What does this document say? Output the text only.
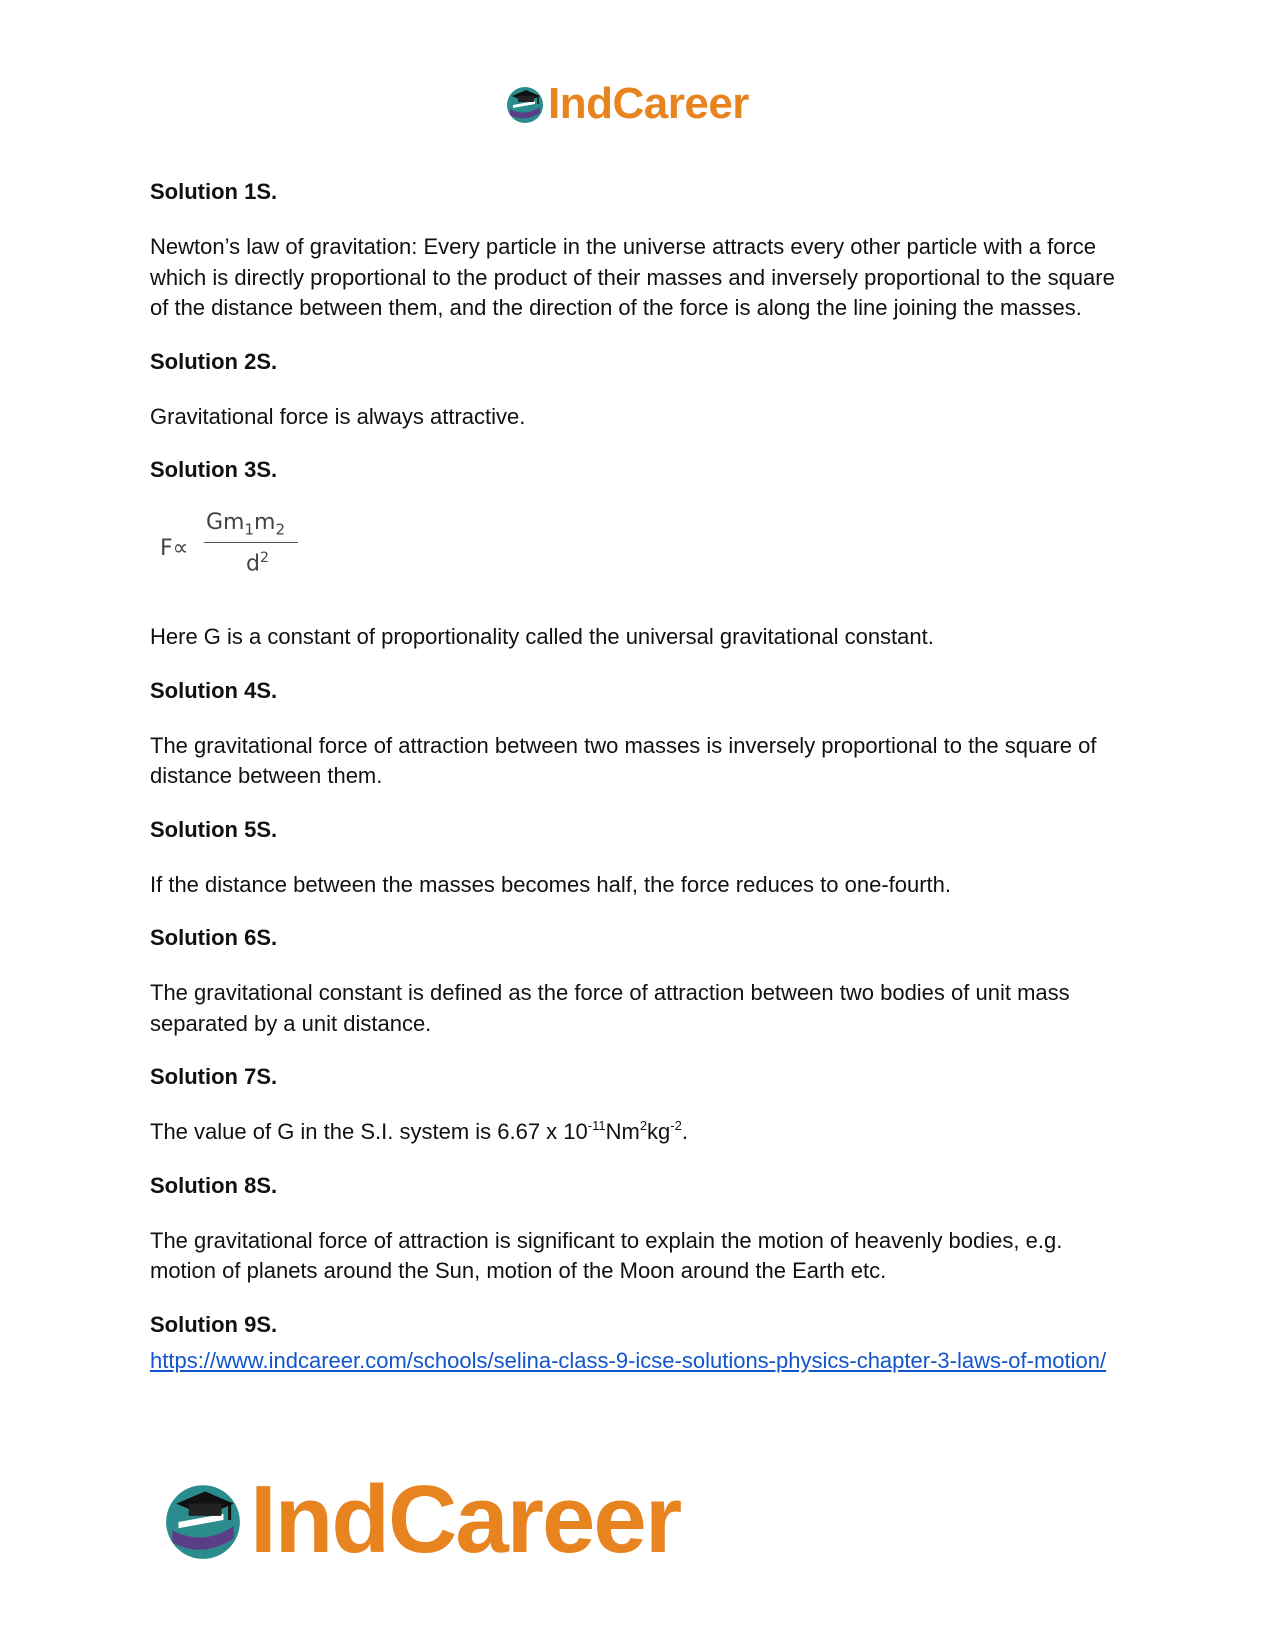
IndCareer
Solution 1S.
Newton’s law of gravitation: Every particle in the universe attracts every other particle with a force which is directly proportional to the product of their masses and inversely proportional to the square of the distance between them, and the direction of the force is along the line joining the masses.
Solution 2S.
Gravitational force is always attractive.
Solution 3S.
F∝
$Gm_1m_2$
$d^2$
Here G is a constant of proportionality called the universal gravitational constant.
Solution 4S.
The gravitational force of attraction between two masses is inversely proportional to the square of distance between them.
Solution 5S.
If the distance between the masses becomes half, the force reduces to one-fourth.
Solution 6S.
The gravitational constant is defined as the force of attraction between two bodies of unit mass separated by a unit distance.
Solution 7S.
The value of G in the S.I. system is 6.67 x $10^{-11}Nm^2kg^{-2}$.
Solution 8S.
The gravitational force of attraction is significant to explain the motion of heavenly bodies, e.g. motion of planets around the Sun, motion of the Moon around the Earth etc.
Solution 9S.
https://www.indcareer.com/schools/selina-class-9-icse-solutions-physics-chapter-3-laws-of-motion/
IndCareer
